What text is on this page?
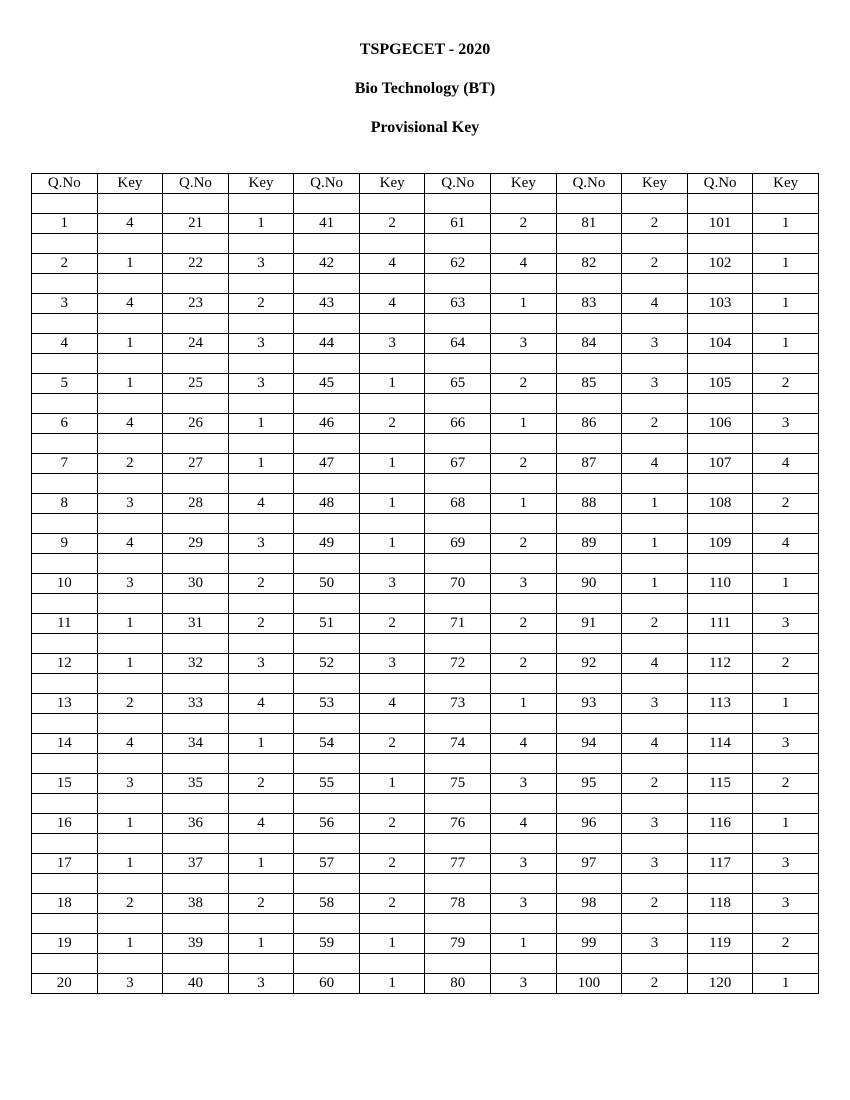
TSPGECET - 2020

Bio Technology (BT)

Provisional Key

Q.No	Key	Q.No	Key	Q.No	Key	Q.No	Key	Q.No	Key	Q.No	Key

1	4	21	1	41	2	61	2	81	2	101	1

2	1	22	3	42	4	62	4	82	2	102	1

3	4	23	2	43	4	63	1	83	4	103	1

4	1	24	3	44	3	64	3	84	3	104	1

5	1	25	3	45	1	65	2	85	3	105	2

6	4	26	1	46	2	66	1	86	2	106	3

7	2	27	1	47	1	67	2	87	4	107	4

8	3	28	4	48	1	68	1	88	1	108	2

9	4	29	3	49	1	69	2	89	1	109	4

10	3	30	2	50	3	70	3	90	1	110	1

11	1	31	2	51	2	71	2	91	2	111	3

12	1	32	3	52	3	72	2	92	4	112	2

13	2	33	4	53	4	73	1	93	3	113	1

14	4	34	1	54	2	74	4	94	4	114	3

15	3	35	2	55	1	75	3	95	2	115	2

16	1	36	4	56	2	76	4	96	3	116	1

17	1	37	1	57	2	77	3	97	3	117	3

18	2	38	2	58	2	78	3	98	2	118	3

19	1	39	1	59	1	79	1	99	3	119	2

20	3	40	3	60	1	80	3	100	2	120	1
